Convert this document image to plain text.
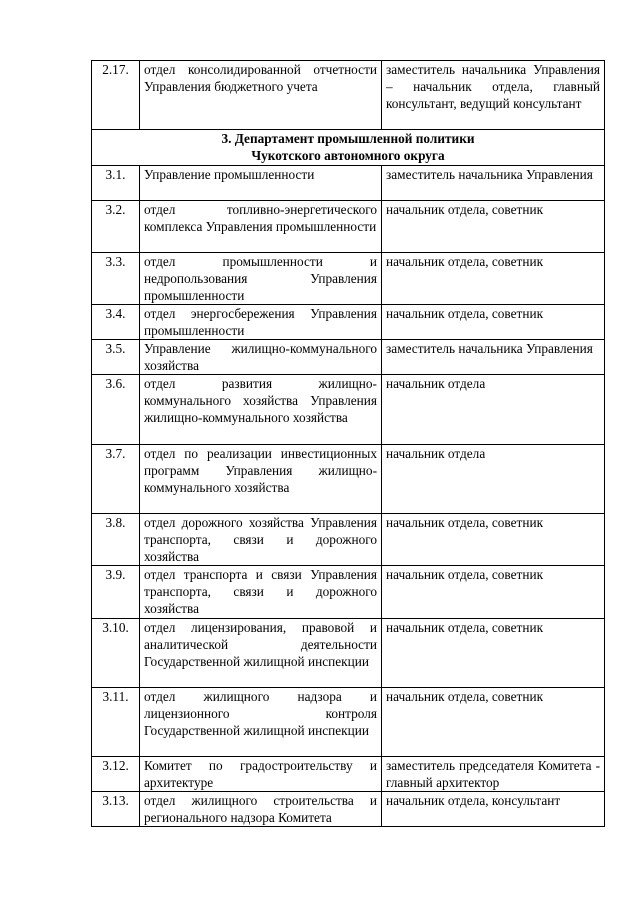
2.17.	отдел консолидированной отчетности Управления бюджетного учета	заместитель начальника Управления – начальник отдела, главный консультант, ведущий консультант

3. Департамент промышленной политики
Чукотского автономного округа		

3.1.	Управление промышленности	заместитель начальника Управления
3.2.	отдел топливно-энергетического комплекса Управления промышленности	начальник отдела, советник
3.3.	отдел промышленности и недропользования Управления промышленности	начальник отдела, советник
3.4.	отдел энергосбережения Управления промышленности	начальник отдела, советник
3.5.	Управление жилищно-коммунального хозяйства	заместитель начальника Управления
3.6.	отдел развития жилищно-коммунального хозяйства Управления жилищно-коммунального хозяйства	начальник отдела
3.7.	отдел по реализации инвестиционных программ Управления жилищно-коммунального хозяйства	начальник отдела
3.8.	отдел дорожного хозяйства Управления транспорта, связи и дорожного хозяйства	начальник отдела, советник
3.9.	отдел транспорта и связи Управления транспорта, связи и дорожного хозяйства	начальник отдела, советник
3.10.	отдел лицензирования, правовой и аналитической деятельности Государственной жилищной инспекции	начальник отдела, советник
3.11.	отдел жилищного надзора и лицензионного контроля Государственной жилищной инспекции	начальник отдела, советник
3.12.	Комитет по градостроительству и архитектуре	заместитель председателя Комитета - главный архитектор
3.13.	отдел жилищного строительства и регионального надзора Комитета	начальник отдела, консультант
